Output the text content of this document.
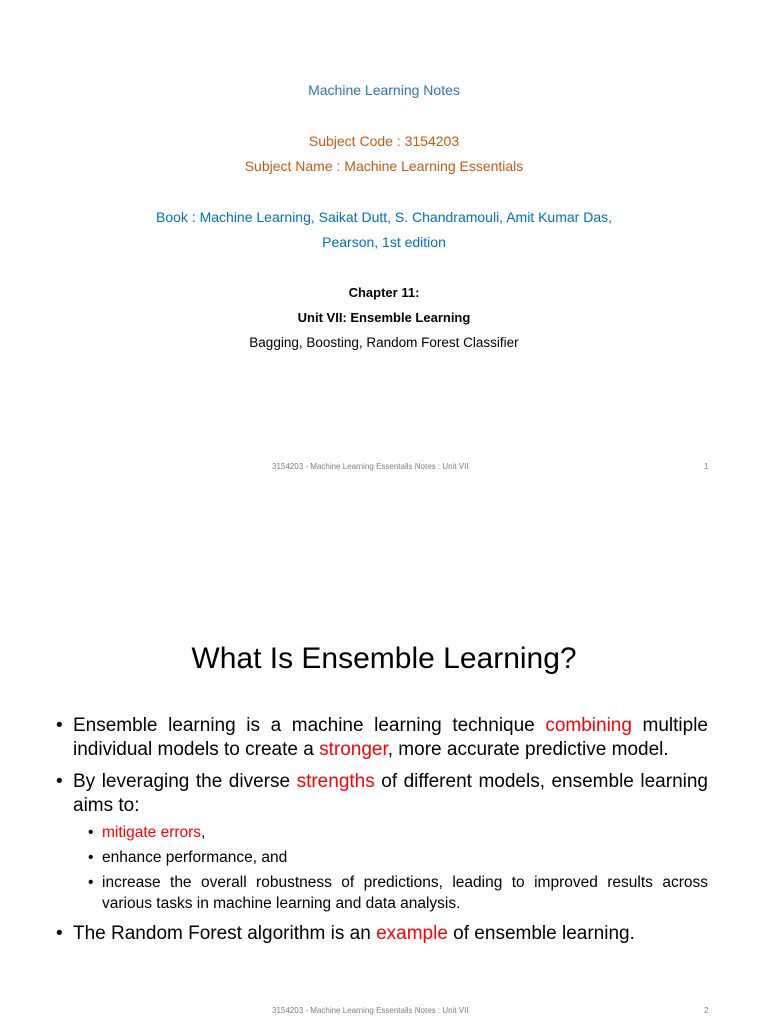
Machine Learning Notes
Subject Code : 3154203
Subject Name : Machine Learning Essentials
Book : Machine Learning, Saikat Dutt, S. Chandramouli, Amit Kumar Das,
Pearson, 1st edition
Chapter 11:
Unit VII: Ensemble Learning
Bagging, Boosting, Random Forest Classifier
3154203 - Machine Learning Essentails Notes : Unit VII	1
What Is Ensemble Learning?
• Ensemble learning is a machine learning technique combining multiple individual models to create a stronger, more accurate predictive model.
• By leveraging the diverse strengths of different models, ensemble learning aims to:
• mitigate errors,
• enhance performance, and
• increase the overall robustness of predictions, leading to improved results across various tasks in machine learning and data analysis.
• The Random Forest algorithm is an example of ensemble learning.
3154203 - Machine Learning Essentails Notes : Unit VII	2
